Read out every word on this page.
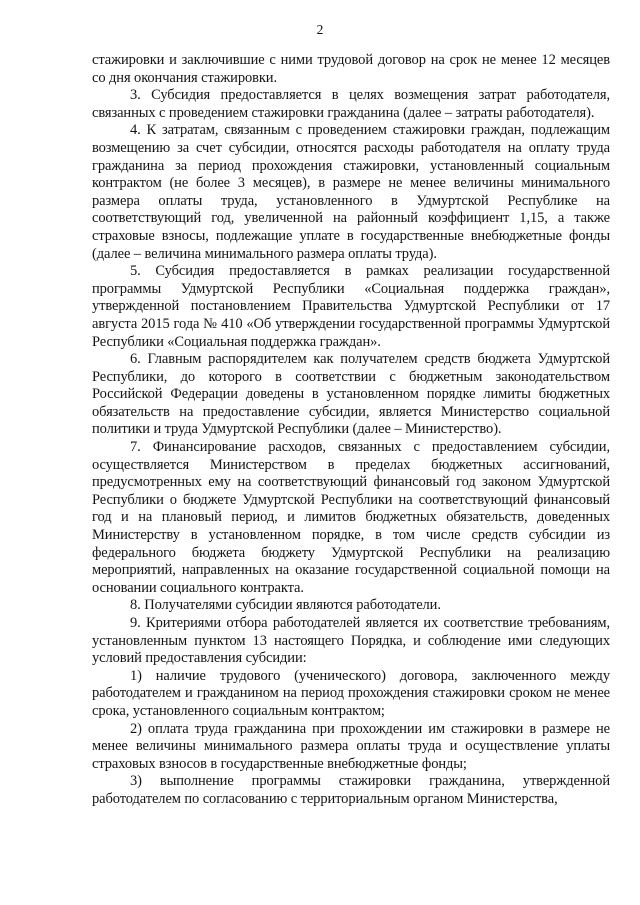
2

стажировки и заключившие с ними трудовой договор на срок не менее 12 месяцев со дня окончания стажировки.

3. Субсидия предоставляется в целях возмещения затрат работодателя, связанных с проведением стажировки гражданина (далее – затраты работодателя).

4. К затратам, связанным с проведением стажировки граждан, подлежащим возмещению за счет субсидии, относятся расходы работодателя на оплату труда гражданина за период прохождения стажировки, установленный социальным контрактом (не более 3 месяцев), в размере не менее величины минимального размера оплаты труда, установленного в Удмуртской Республике на соответствующий год, увеличенной на районный коэффициент 1,15, а также страховые взносы, подлежащие уплате в государственные внебюджетные фонды (далее – величина минимального размера оплаты труда).

5. Субсидия предоставляется в рамках реализации государственной программы Удмуртской Республики «Социальная поддержка граждан», утвержденной постановлением Правительства Удмуртской Республики от 17 августа 2015 года № 410 «Об утверждении государственной программы Удмуртской Республики «Социальная поддержка граждан».

6. Главным распорядителем как получателем средств бюджета Удмуртской Республики, до которого в соответствии с бюджетным законодательством Российской Федерации доведены в установленном порядке лимиты бюджетных обязательств на предоставление субсидии, является Министерство социальной политики и труда Удмуртской Республики (далее – Министерство).

7. Финансирование расходов, связанных с предоставлением субсидии, осуществляется Министерством в пределах бюджетных ассигнований, предусмотренных ему на соответствующий финансовый год законом Удмуртской Республики о бюджете Удмуртской Республики на соответствующий финансовый год и на плановый период, и лимитов бюджетных обязательств, доведенных Министерству в установленном порядке, в том числе средств субсидии из федерального бюджета бюджету Удмуртской Республики на реализацию мероприятий, направленных на оказание государственной социальной помощи на основании социального контракта.

8. Получателями субсидии являются работодатели.

9. Критериями отбора работодателей является их соответствие требованиям, установленным пунктом 13 настоящего Порядка, и соблюдение ими следующих условий предоставления субсидии:

1) наличие трудового (ученического) договора, заключенного между работодателем и гражданином на период прохождения стажировки сроком не менее срока, установленного социальным контрактом;

2) оплата труда гражданина при прохождении им стажировки в размере не менее величины минимального размера оплаты труда и осуществление уплаты страховых взносов в государственные внебюджетные фонды;

3) выполнение программы стажировки гражданина, утвержденной работодателем по согласованию с территориальным органом Министерства,
